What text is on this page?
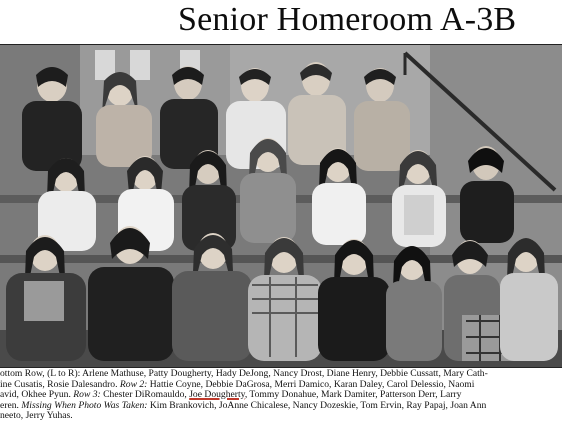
Senior Homeroom A-3B

ottom Row, (L to R): Arlene Mathuse, Patty Dougherty, Hady DeJong, Nancy Drost, Diane Henry, Debbie Cussatt, Mary Cath-

ine Cusatis, Rosie Dalesandro. Row 2: Hattie Coyne, Debbie DaGrosa, Merri Damico, Karan Daley, Carol Delessio, Naomi

avid, Okhee Pyun. Row 3: Chester DiRomauldo, Joe Dougherty, Tommy Donahue, Mark Damiter, Patterson Derr, Larry

eren. Missing When Photo Was Taken: Kim Brankovich, JoAnne Chicalese, Nancy Dozeskie, Tom Ervin, Ray Papaj, Joan Ann

neeto, Jerry Yuhas.
